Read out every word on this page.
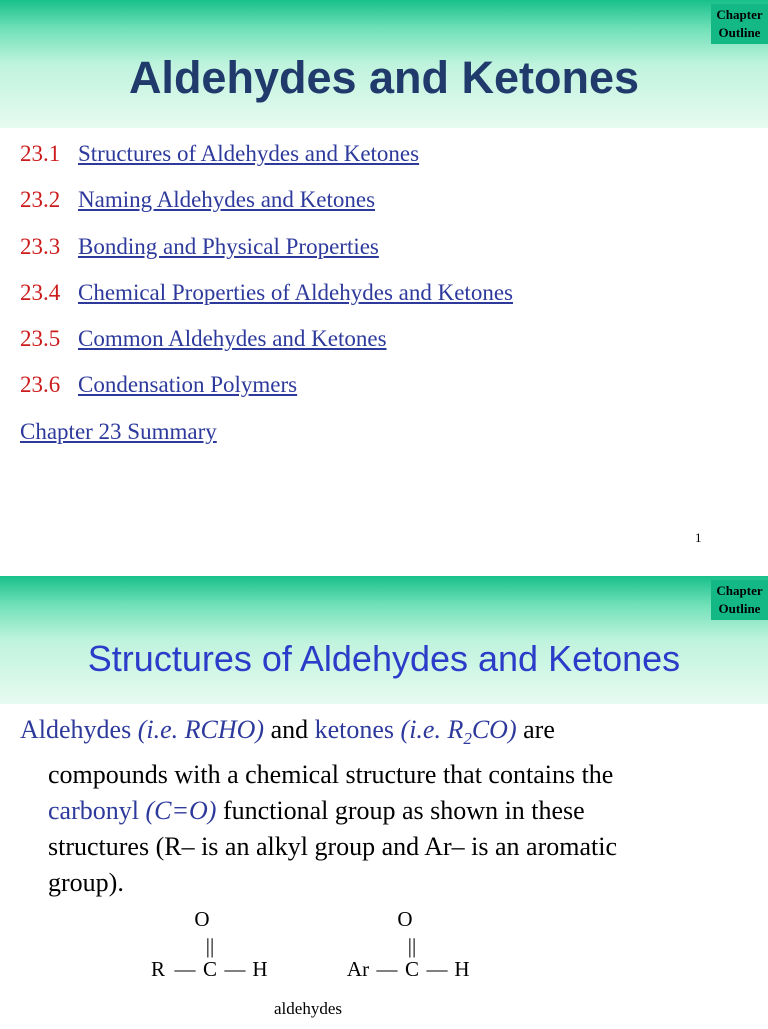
Chapter
Outline
Aldehydes and Ketones
23.1 Structures of Aldehydes and Ketones
23.2 Naming Aldehydes and Ketones
23.3 Bonding and Physical Properties
23.4 Chemical Properties of Aldehydes and Ketones
23.5 Common Aldehydes and Ketones
23.6 Condensation Polymers
Chapter 23 Summary
1
Chapter
Outline
Structures of Aldehydes and Ketones
Aldehydes (i.e. RCHO) and ketones (i.e. $R_2CO$) are
compounds with a chemical structure that contains the
carbonyl (C=O) functional group as shown in these
structures (R– is an alkyl group and Ar– is an aromatic
group).
O
||
R — C — H
O
||
Ar — C — H
aldehydes
